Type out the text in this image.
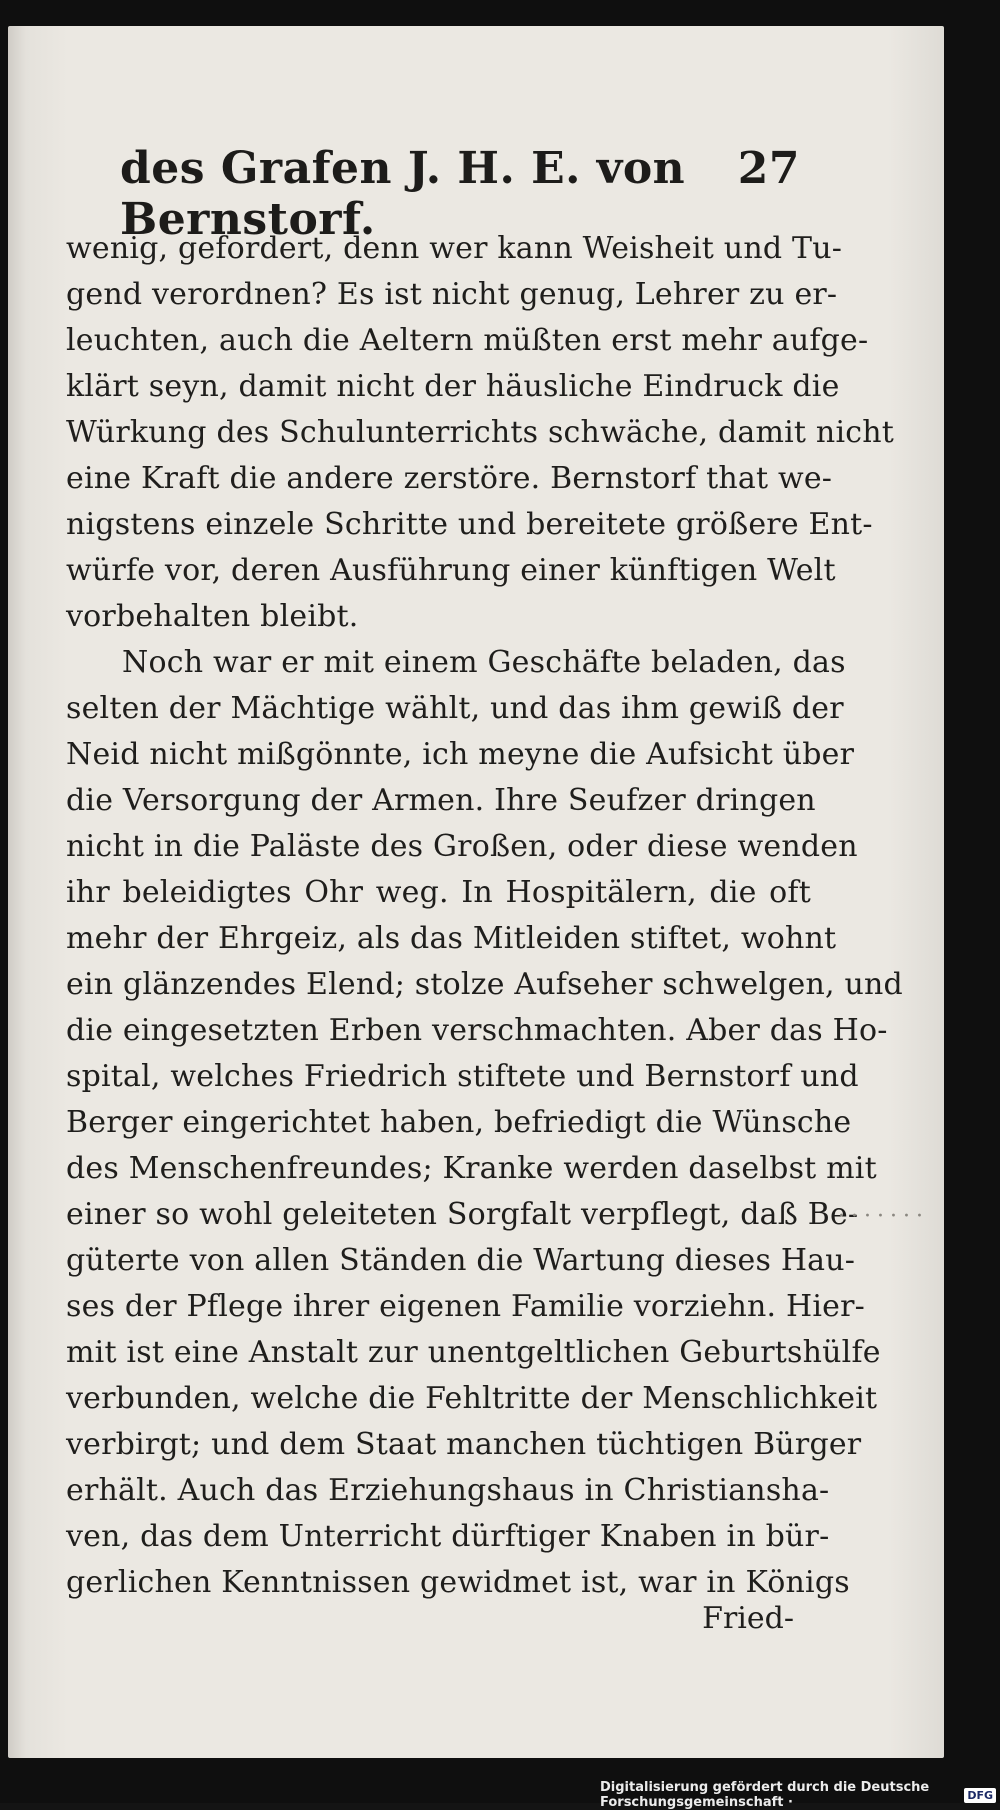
des Grafen J. H. E. von Bernstorf.
27
wenig, gefordert, denn wer kann Weisheit und Tu-
gend verordnen? Es ist nicht genug, Lehrer zu er-
leuchten, auch die Aeltern müßten erst mehr aufge-
klärt seyn, damit nicht der häusliche Eindruck die
Würkung des Schulunterrichts schwäche, damit nicht
eine Kraft die andere zerstöre. Bernstorf that we-
nigstens einzele Schritte und bereitete größere Ent-
würfe vor, deren Ausführung einer künftigen Welt
vorbehalten bleibt.
Noch war er mit einem Geschäfte beladen, das
selten der Mächtige wählt, und das ihm gewiß der
Neid nicht mißgönnte, ich meyne die Aufsicht über
die Versorgung der Armen. Ihre Seufzer dringen
nicht in die Paläste des Großen, oder diese wenden
ihr beleidigtes Ohr weg. In Hospitälern, die oft
mehr der Ehrgeiz, als das Mitleiden stiftet, wohnt
ein glänzendes Elend; stolze Aufseher schwelgen, und
die eingesetzten Erben verschmachten. Aber das Ho-
spital, welches Friedrich stiftete und Bernstorf und
Berger eingerichtet haben, befriedigt die Wünsche
des Menschenfreundes; Kranke werden daselbst mit
einer so wohl geleiteten Sorgfalt verpflegt, daß Be-
güterte von allen Ständen die Wartung dieses Hau-
ses der Pflege ihrer eigenen Familie vorziehn. Hier-
mit ist eine Anstalt zur unentgeltlichen Geburtshülfe
verbunden, welche die Fehltritte der Menschlichkeit
verbirgt; und dem Staat manchen tüchtigen Bürger
erhält. Auch das Erziehungshaus in Christiansha-
ven, das dem Unterricht dürftiger Knaben in bür-
gerlichen Kenntnissen gewidmet ist, war in Königs
Fried-
·······
Digitalisierung gefördert durch die Deutsche Forschungsgemeinschaft ·	DFG
